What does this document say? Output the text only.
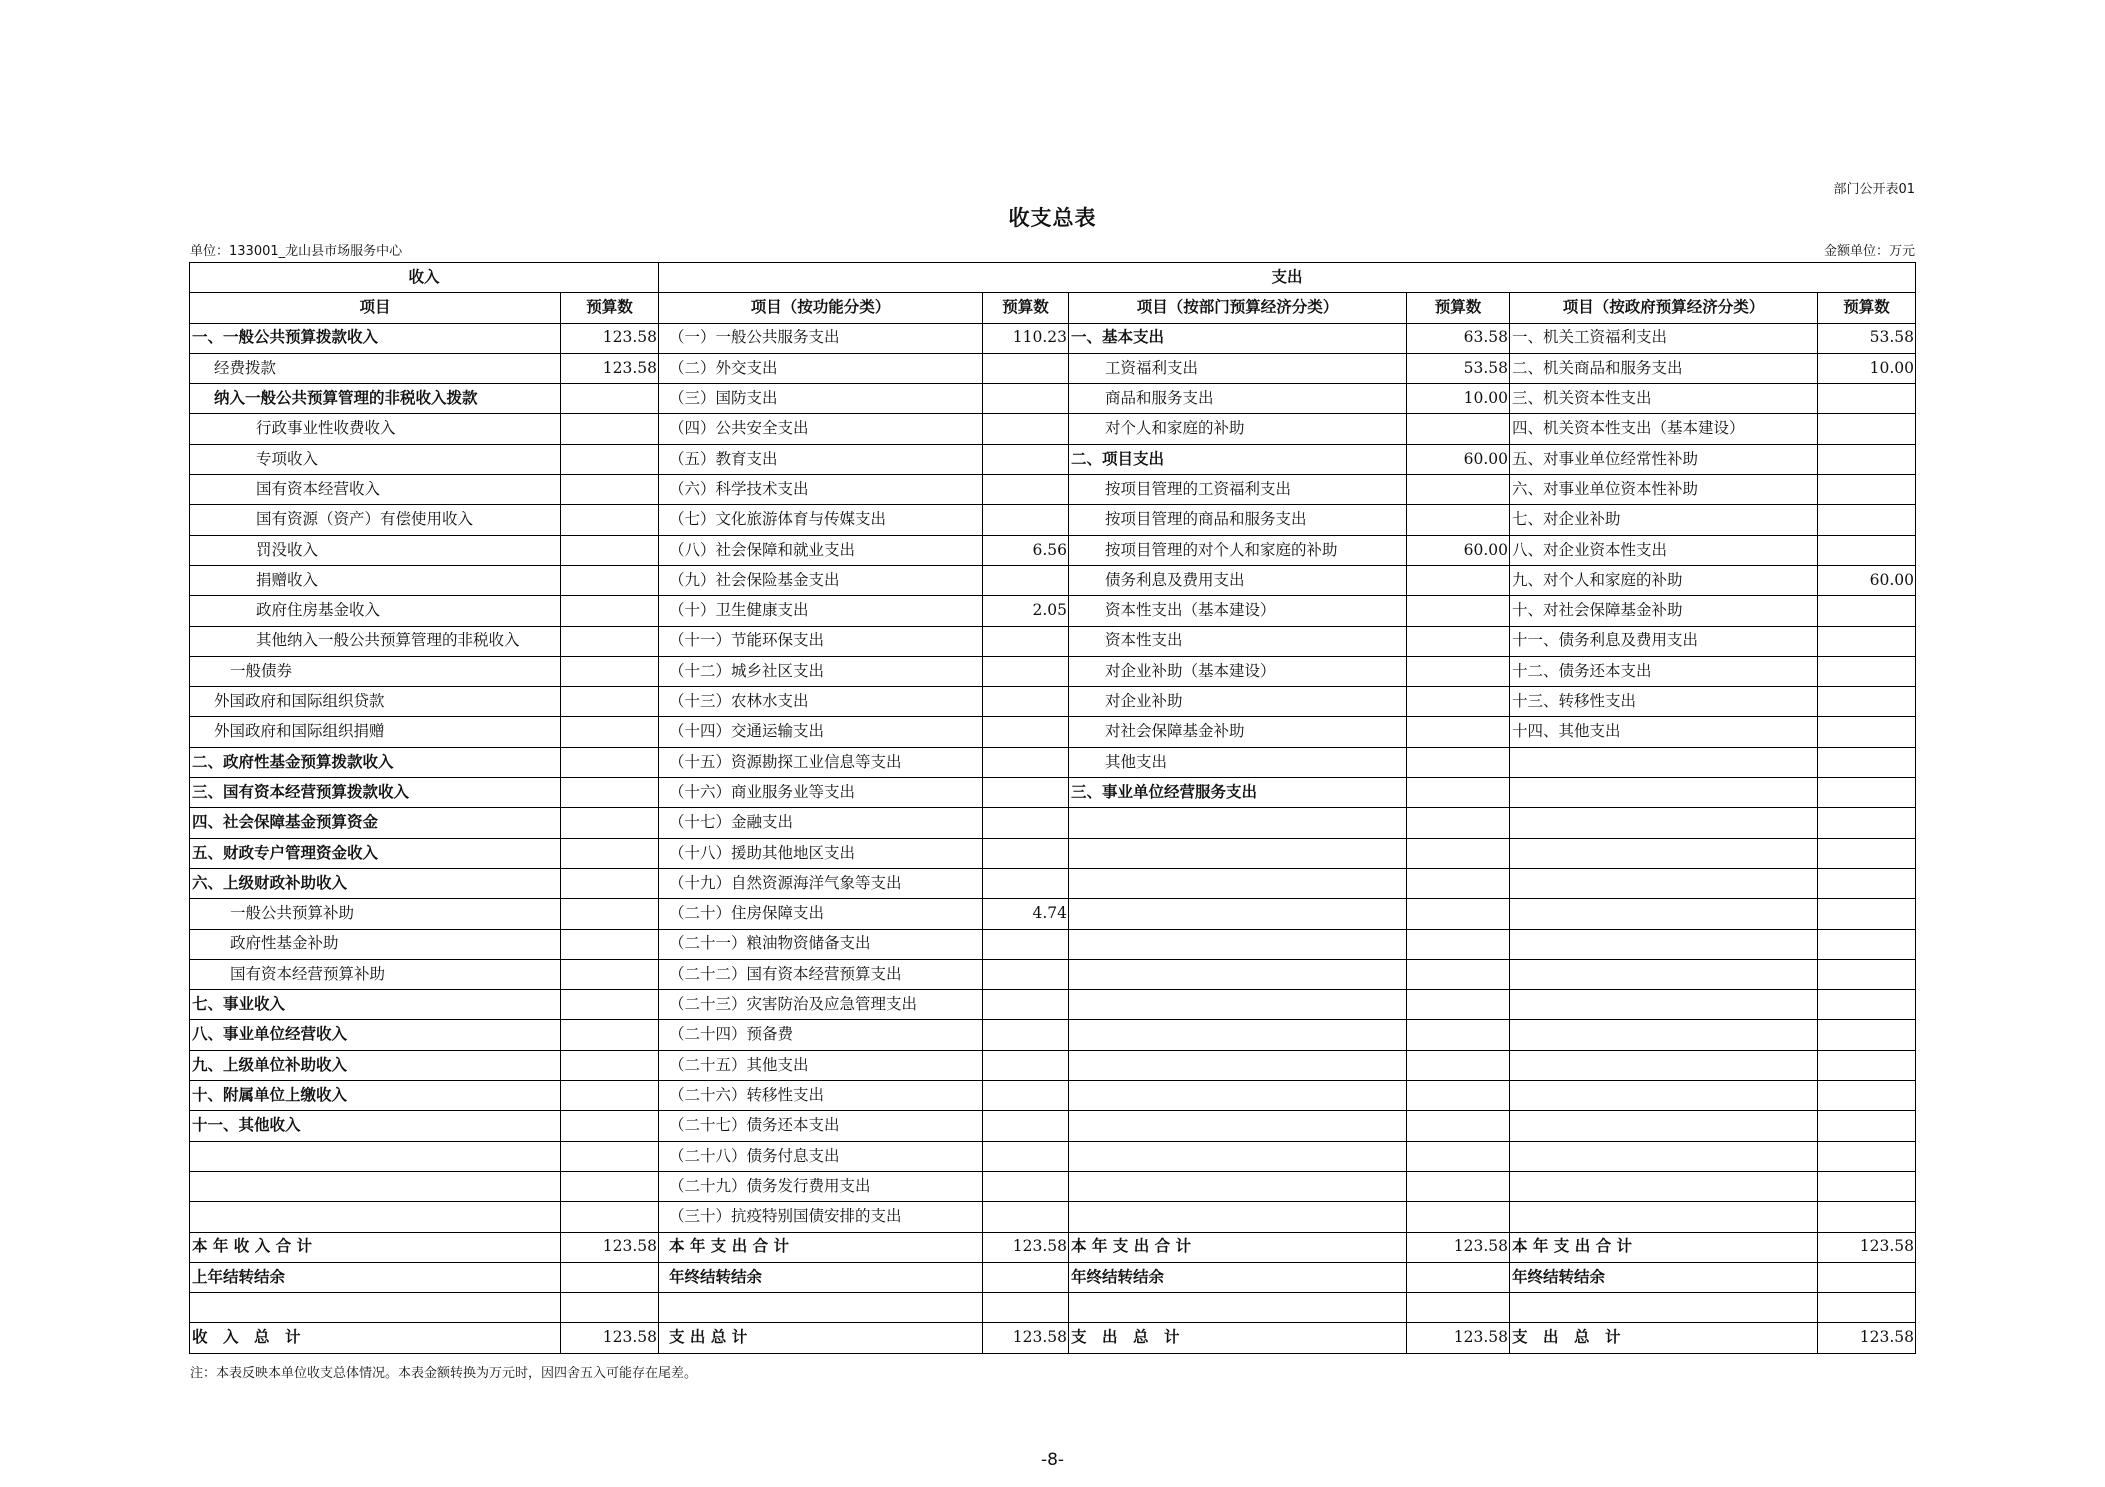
部门公开表01
收支总表
单位：133001_龙山县市场服务中心	金额单位：万元
收入		支出					
项目	预算数	项目（按功能分类）	预算数	项目（按部门预算经济分类）	预算数	项目（按政府预算经济分类）	预算数
一、一般公共预算拨款收入	123.58	（一）一般公共服务支出	110.23	一、基本支出	63.58	一、机关工资福利支出	53.58
经费拨款	123.58	（二）外交支出		工资福利支出	53.58	二、机关商品和服务支出	10.00
纳入一般公共预算管理的非税收入拨款		（三）国防支出		商品和服务支出	10.00	三、机关资本性支出	
行政事业性收费收入		（四）公共安全支出		对个人和家庭的补助		四、机关资本性支出（基本建设）	
专项收入		（五）教育支出		二、项目支出	60.00	五、对事业单位经常性补助	
国有资本经营收入		（六）科学技术支出		按项目管理的工资福利支出		六、对事业单位资本性补助	
国有资源（资产）有偿使用收入		（七）文化旅游体育与传媒支出		按项目管理的商品和服务支出		七、对企业补助	
罚没收入		（八）社会保障和就业支出	6.56	按项目管理的对个人和家庭的补助	60.00	八、对企业资本性支出	
捐赠收入		（九）社会保险基金支出		债务利息及费用支出		九、对个人和家庭的补助	60.00
政府住房基金收入		（十）卫生健康支出	2.05	资本性支出（基本建设）		十、对社会保障基金补助	
其他纳入一般公共预算管理的非税收入		（十一）节能环保支出		资本性支出		十一、债务利息及费用支出	
一般债券		（十二）城乡社区支出		对企业补助（基本建设）		十二、债务还本支出	
外国政府和国际组织贷款		（十三）农林水支出		对企业补助		十三、转移性支出	
外国政府和国际组织捐赠		（十四）交通运输支出		对社会保障基金补助		十四、其他支出	
二、政府性基金预算拨款收入		（十五）资源勘探工业信息等支出		其他支出			
三、国有资本经营预算拨款收入		（十六）商业服务业等支出		三、事业单位经营服务支出			
四、社会保障基金预算资金		（十七）金融支出					
五、财政专户管理资金收入		（十八）援助其他地区支出					
六、上级财政补助收入		（十九）自然资源海洋气象等支出					
一般公共预算补助		（二十）住房保障支出	4.74				
政府性基金补助		（二十一）粮油物资储备支出					
国有资本经营预算补助		（二十二）国有资本经营预算支出					
七、事业收入		（二十三）灾害防治及应急管理支出					
八、事业单位经营收入		（二十四）预备费					
九、上级单位补助收入		（二十五）其他支出					
十、附属单位上缴收入		（二十六）转移性支出					
十一、其他收入		（二十七）债务还本支出					
		（二十八）债务付息支出					
		（二十九）债务发行费用支出					
		（三十）抗疫特别国债安排的支出					
本 年 收 入 合 计	123.58	本 年 支 出 合 计	123.58	本 年 支 出 合 计	123.58	本 年 支 出 合 计	123.58
上年结转结余		年终结转结余		年终结转结余		年终结转结余	

收　入　总　计	123.58	支 出 总 计	123.58	支　出　总　计	123.58	支　出　总　计	123.58
注：本表反映本单位收支总体情况。本表金额转换为万元时，因四舍五入可能存在尾差。
-8-
